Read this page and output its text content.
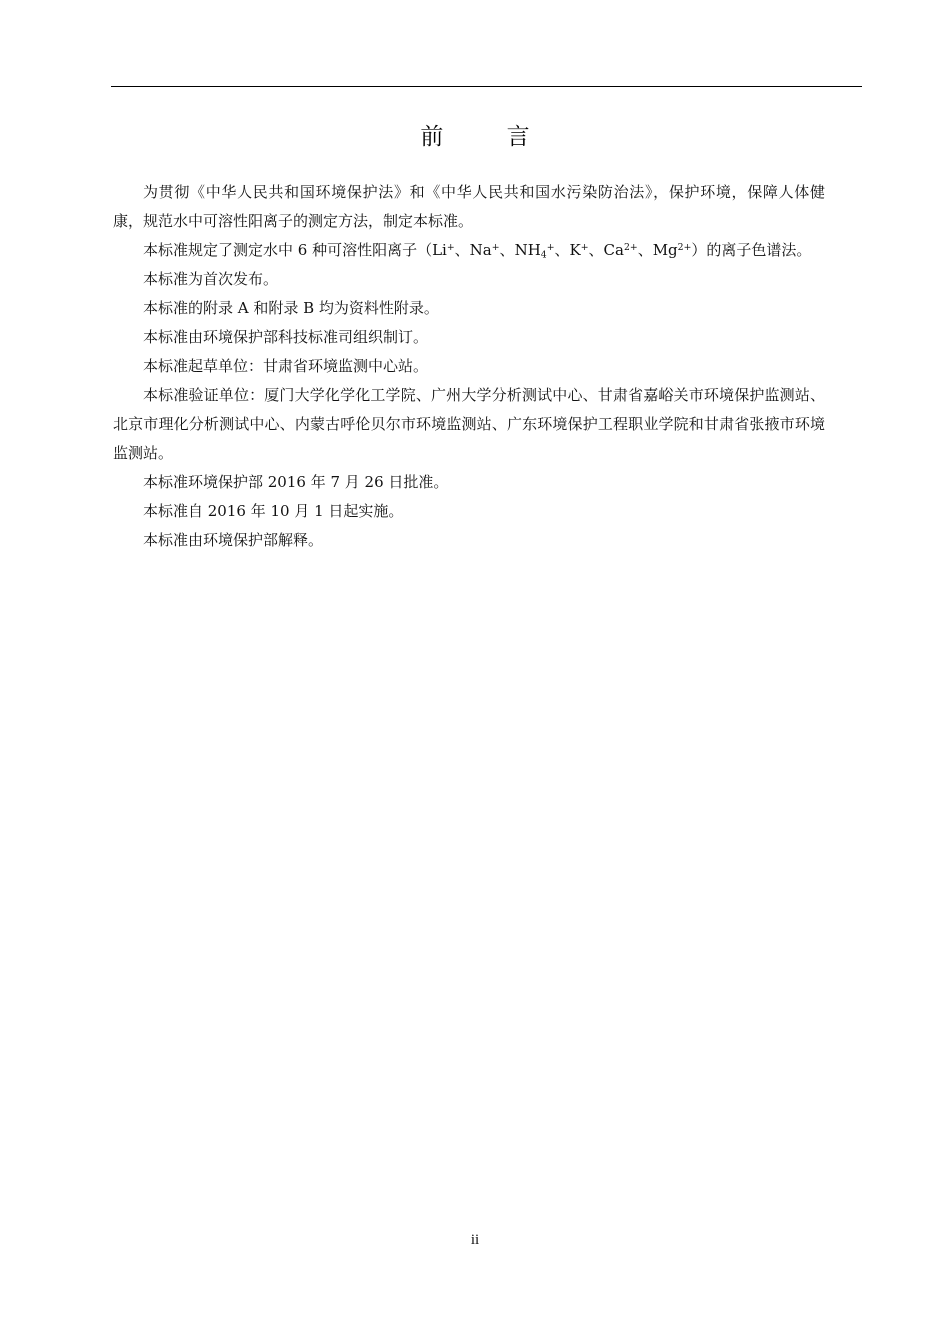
前 言

为贯彻《中华人民共和国环境保护法》和《中华人民共和国水污染防治法》，保护环境，保障人体健康，规范水中可溶性阳离子的测定方法，制定本标准。

本标准规定了测定水中 6 种可溶性阳离子（Li+、Na+、$NH_4^+$、K+、$Ca^{2+}$、$Mg^{2+}$）的离子色谱法。

本标准为首次发布。

本标准的附录 A 和附录 B 均为资料性附录。

本标准由环境保护部科技标准司组织制订。

本标准起草单位：甘肃省环境监测中心站。

本标准验证单位：厦门大学化学化工学院、广州大学分析测试中心、甘肃省嘉峪关市环境保护监测站、北京市理化分析测试中心、内蒙古呼伦贝尔市环境监测站、广东环境保护工程职业学院和甘肃省张掖市环境监测站。

本标准环境保护部 2016 年 7 月 26 日批准。

本标准自 2016 年 10 月 1 日起实施。

本标准由环境保护部解释。

ii
